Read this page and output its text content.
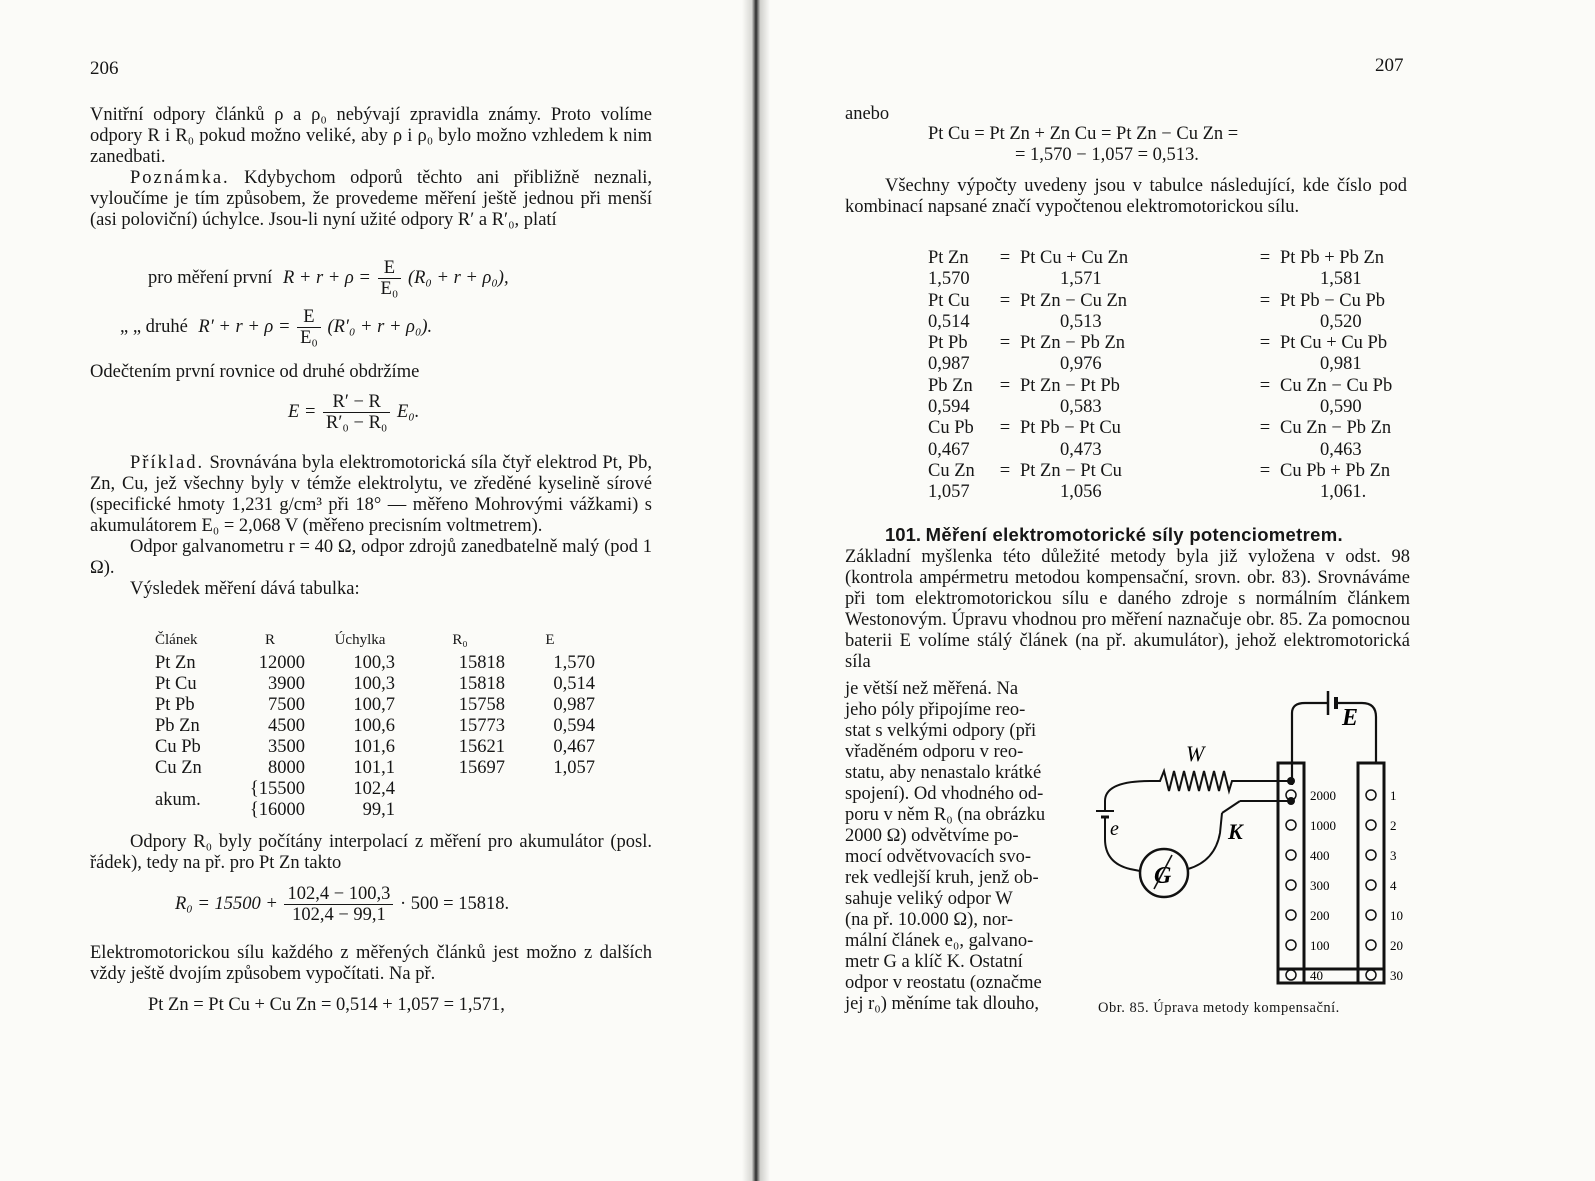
206

Vnitřní odpory článků ρ a ρ₀ nebývají zpravidla známy. Proto volíme odpory R i R₀ pokud možno veliké, aby ρ i ρ₀ bylo možno vzhledem k nim zanedbati.

Poznámka. Kdybychom odporů těchto ani přibližně neznali, vyloučíme je tím způsobem, že provedeme měření ještě jednou při menší (asi poloviční) úchylce. Jsou-li nyní užité odpory R′ a R′₀, platí

pro měření první $R + r + \rho = \frac{E}{\text{E₀}} (R_0 + r + \rho_0)$,
„ „ druhé $R' + r + \rho = \frac{E}{\text{E₀}} (R'_0 + r + \rho_0)$.

Odečtením první rovnice od druhé obdržíme

$E = \frac{R' - R}{\text{R′₀ − R₀}} E_0$.

Příklad. Srovnávána byla elektromotorická síla čtyř elektrod Pt, Pb, Zn, Cu, jež všechny byly v témže elektrolytu, ve zředěné kyselině sírové (specifické hmoty 1,231 g/cm³ při 18° — měřeno Mohrovými vážkami) s akumulátorem E₀ = 2,068 V (měřeno precisním voltmetrem).

Odpor galvanometru r = 40 Ω, odpor zdrojů zanedbatelně malý (pod 1 Ω).

Výsledek měření dává tabulka:

Článek	R	Úchylka	R₀	E
Pt Zn	12000	100,3	15818	1,570
Pt Cu	3900	100,3	15818	0,514
Pt Pb	7500	100,7	15758	0,987
Pb Zn	4500	100,6	15773	0,594
Cu Pb	3500	101,6	15621	0,467
Cu Zn	8000	101,1	15697	1,057
akum.	{15500	102,4		
	{16000	99,1		

Odpory R₀ byly počítány interpolací z měření pro akumulátor (posl. řádek), tedy na př. pro Pt Zn takto

$R_0 = 15500 + \frac{102,4 - 100,3}{102,4 - 99,1} \cdot 500 = 15818$.

Elektromotorickou sílu každého z měřených článků jest možno z dalších vždy ještě dvojím způsobem vypočítati. Na př.

Pt Zn = Pt Cu + Cu Zn = 0,514 + 1,057 = 1,571,
207
anebo
Pt Cu = Pt Zn + Zn Cu = Pt Zn − Cu Zn =
= 1,570 − 1,057 = 0,513.

Všechny výpočty uvedeny jsou v tabulce následující, kde číslo pod kombinací napsané značí vypočtenou elektromotorickou sílu.

Pt Zn	=	Pt Cu + Cu Zn	=	Pt Pb + Pb Zn
1,570		1,571		1,581
Pt Cu	=	Pt Zn − Cu Zn	=	Pt Pb − Cu Pb
0,514		0,513		0,520
Pt Pb	=	Pt Zn − Pb Zn	=	Pt Cu + Cu Pb
0,987		0,976		0,981
Pb Zn	=	Pt Zn − Pt Pb	=	Cu Zn − Cu Pb
0,594		0,583		0,590
Cu Pb	=	Pt Pb − Pt Cu	=	Cu Zn − Pb Zn
0,467		0,473		0,463
Cu Zn	=	Pt Zn − Pt Cu	=	Cu Pb + Pb Zn
1,057		1,056		1,061.

101. Měření elektromotorické síly potenciometrem.

Základní myšlenka této důležité metody byla již vyložena v odst. 98 (kontrola ampérmetru metodou kompensační, srovn. obr. 83). Srovnáváme při tom elektromotorickou sílu e daného zdroje s normálním článkem Westonovým. Úpravu vhodnou pro měření naznačuje obr. 85. Za pomocnou baterii E volíme stálý článek (na př. akumulátor), jehož elektromotorická síla

je větší než měřená. Na
jeho póly připojíme reo-
stat s velkými odpory (při
vřaděném odporu v reo-
statu, aby nenastalo krátké
spojení). Od vhodného od-
poru v něm R₀ (na obrázku
2000 Ω) odvětvíme po-
mocí odvětvovacích svo-
rek vedlejší kruh, jenž ob-
sahuje veliký odpor W
(na př. 10.000 Ω), nor-
mální článek e₀, galvano-
metr G a klíč K. Ostatní
odpor v reostatu (označme
jej r₀) měníme tak dlouho,
E
2000
1000
400
300
200
100
40
1
2
3
4
10
20
30
W
e
G
K
Obr. 85. Úprava metody kompensační.
